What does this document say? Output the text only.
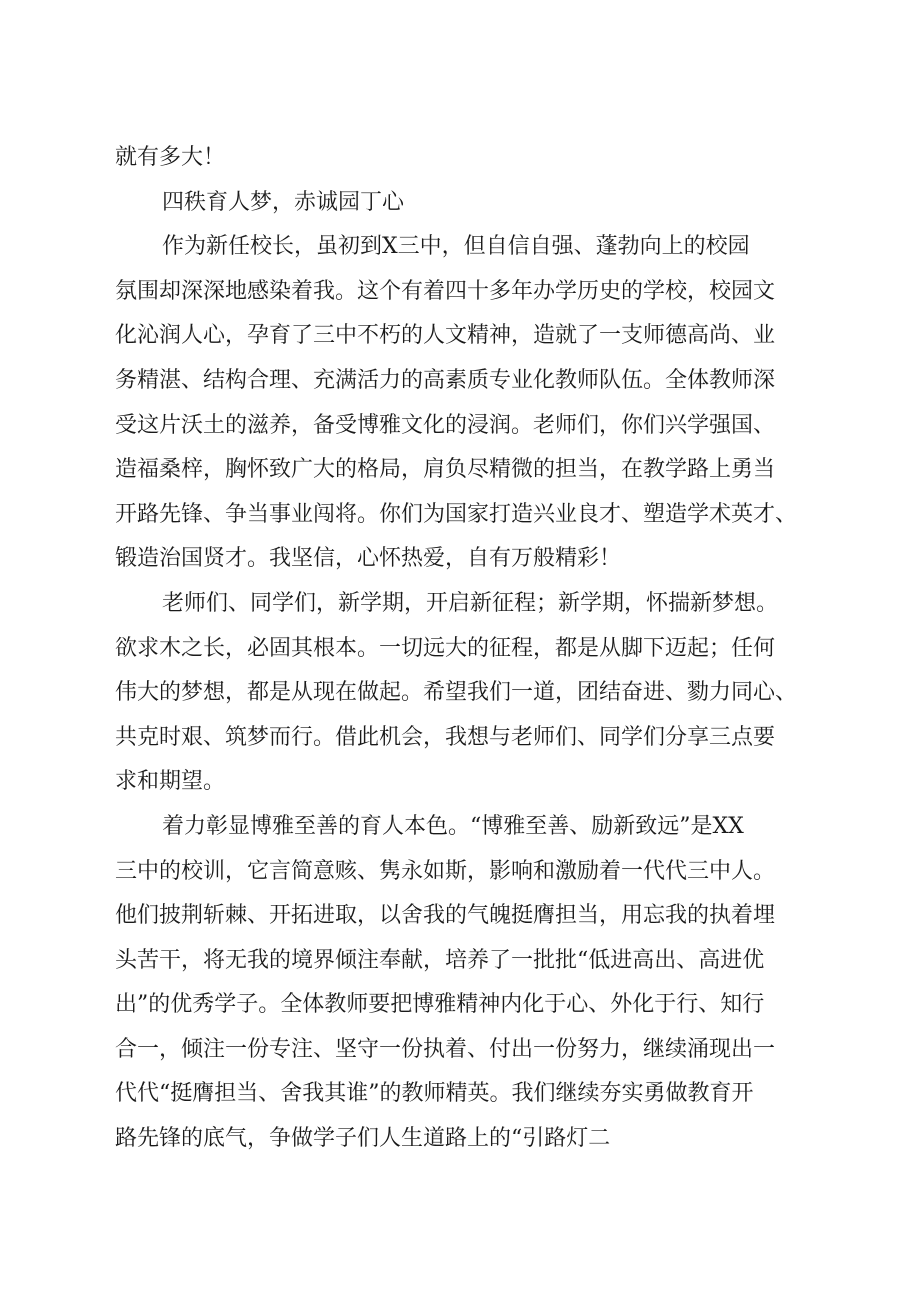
就有多大！
四秩育人梦，赤诚园丁心
作为新任校长，虽初到X三中，但自信自强、蓬勃向上的校园
氛围却深深地感染着我。这个有着四十多年办学历史的学校，校园文
化沁润人心，孕育了三中不朽的人文精神，造就了一支师德高尚、业
务精湛、结构合理、充满活力的高素质专业化教师队伍。全体教师深
受这片沃土的滋养，备受博雅文化的浸润。老师们，你们兴学强国、
造福桑梓，胸怀致广大的格局，肩负尽精微的担当，在教学路上勇当
开路先锋、争当事业闯将。你们为国家打造兴业良才、塑造学术英才、
锻造治国贤才。我坚信，心怀热爱，自有万般精彩！
老师们、同学们，新学期，开启新征程；新学期，怀揣新梦想。
欲求木之长，必固其根本。一切远大的征程，都是从脚下迈起；任何
伟大的梦想，都是从现在做起。希望我们一道，团结奋进、勠力同心、
共克时艰、筑梦而行。借此机会，我想与老师们、同学们分享三点要
求和期望。
着力彰显博雅至善的育人本色。“博雅至善、励新致远”是XX
三中的校训，它言简意赅、隽永如斯，影响和激励着一代代三中人。
他们披荆斩棘、开拓进取，以舍我的气魄挺膺担当，用忘我的执着埋
头苦干，将无我的境界倾注奉献，培养了一批批“低进高出、高进优
出”的优秀学子。全体教师要把博雅精神内化于心、外化于行、知行
合一，倾注一份专注、坚守一份执着、付出一份努力，继续涌现出一
代代“挺膺担当、舍我其谁”的教师精英。我们继续夯实勇做教育开
路先锋的底气，争做学子们人生道路上的“引路灯二
